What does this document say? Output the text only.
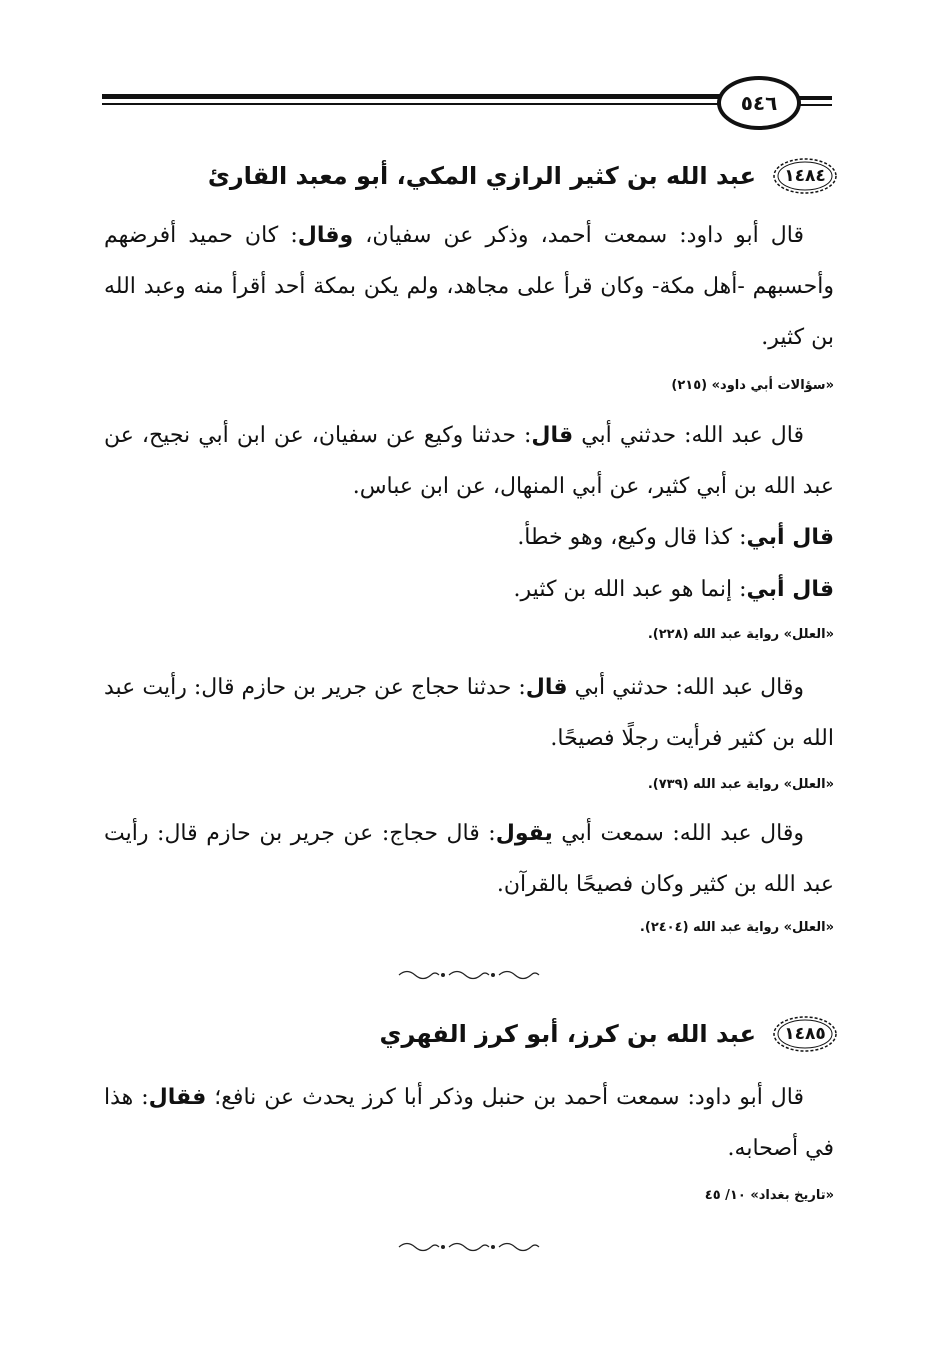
٥٤٦
١٤٨٤
عبد الله بن كثير الرازي المكي، أبو معبد القارئ

قال أبو داود: سمعت أحمد، وذكر عن سفيان، وقال: كان حميد أفرضهم وأحسبهم -أهل مكة- وكان قرأ على مجاهد، ولم يكن بمكة أحد أقرأ منه وعبد الله بن كثير.

«سؤالات أبي داود» (٢١٥)

قال عبد الله: حدثني أبي قال: حدثنا وكيع عن سفيان، عن ابن أبي نجيح، عن عبد الله بن أبي كثير، عن أبي المنهال، عن ابن عباس.

قال أبي: كذا قال وكيع، وهو خطأ.
قال أبي: إنما هو عبد الله بن كثير.
«العلل» رواية عبد الله (٢٢٨).

وقال عبد الله: حدثني أبي قال: حدثنا حجاج عن جرير بن حازم قال: رأيت عبد الله بن كثير فرأيت رجلًا فصيحًا.

«العلل» رواية عبد الله (٧٣٩).

وقال عبد الله: سمعت أبي يقول: قال حجاج: عن جرير بن حازم قال: رأيت عبد الله بن كثير وكان فصيحًا بالقرآن.

«العلل» رواية عبد الله (٢٤٠٤).
١٤٨٥
عبد الله بن كرز، أبو كرز الفهري

قال أبو داود: سمعت أحمد بن حنبل وذكر أبا كرز يحدث عن نافع؛ فقال: هذا في أصحابه.

«تاريخ بغداد» ١٠/ ٤٥
